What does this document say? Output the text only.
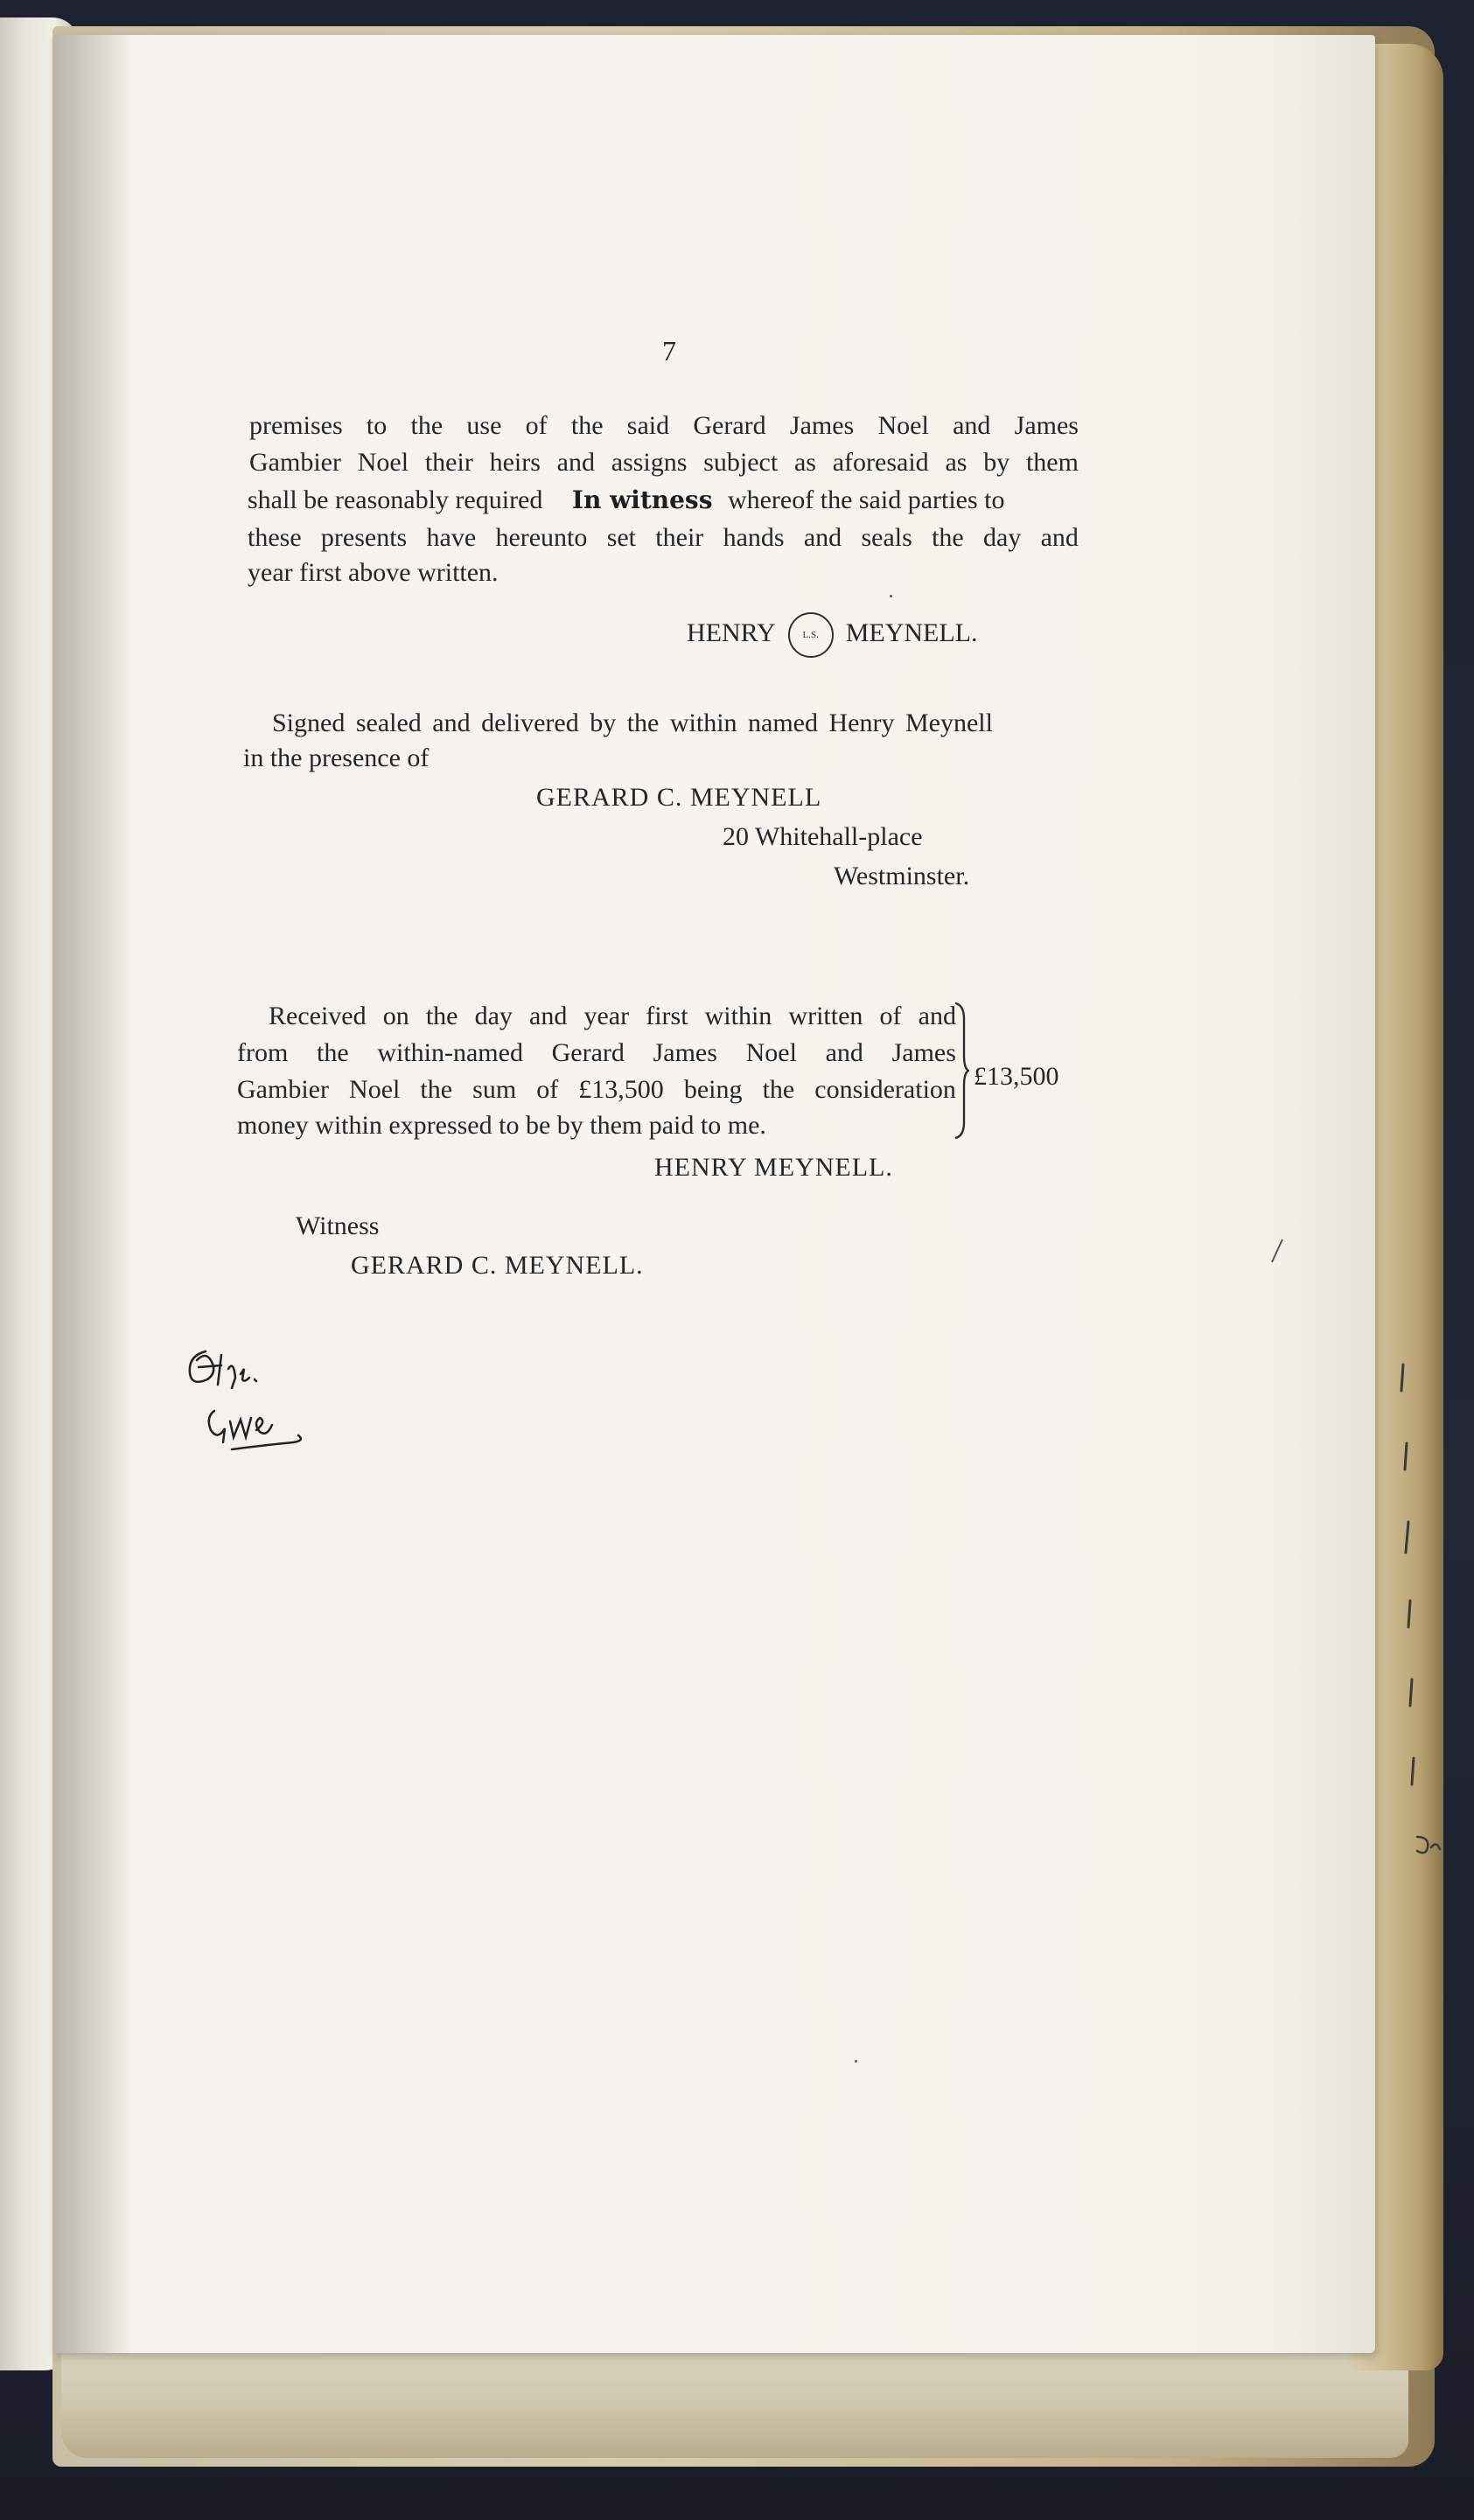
7
premises to the use of the said Gerard James Noel and James
Gambier Noel their heirs and assigns subject as aforesaid as by them
shall be reasonably required In witness whereof the said parties to
these presents have hereunto set their hands and seals the day and
year first above written.
HENRY	L.S. MEYNELL.
Signed sealed and delivered by the within named Henry Meynell
in the presence of
GERARD C. MEYNELL
20 Whitehall-place
Westminster.
Received on the day and year first within written of and
from the within-named Gerard James Noel and James
Gambier Noel the sum of £13,500 being the consideration
money within expressed to be by them paid to me.
£13,500
HENRY MEYNELL.
Witness
GERARD C. MEYNELL.
